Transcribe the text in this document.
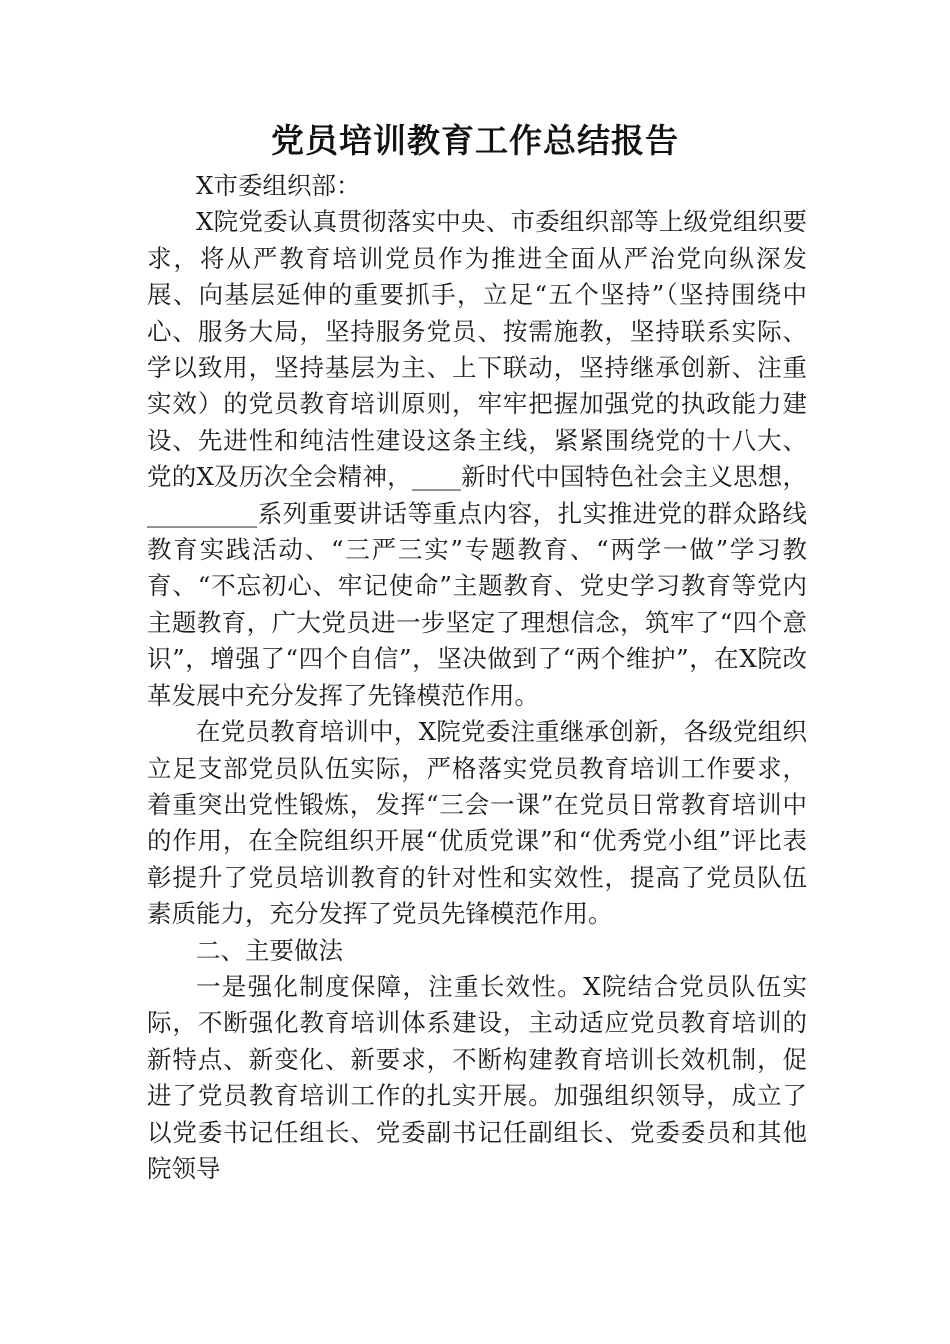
党员培训教育工作总结报告

X市委组织部：

X院党委认真贯彻落实中央、市委组织部等上级党组织要求，将从严教育培训党员作为推进全面从严治党向纵深发展、向基层延伸的重要抓手，立足“五个坚持”（坚持围绕中心、服务大局，坚持服务党员、按需施教，坚持联系实际、学以致用，坚持基层为主、上下联动，坚持继承创新、注重实效）的党员教育培训原则，牢牢把握加强党的执政能力建设、先进性和纯洁性建设这条主线，紧紧围绕党的十八大、党的X及历次全会精神，____新时代中国特色社会主义思想，_________系列重要讲话等重点内容，扎实推进党的群众路线教育实践活动、“三严三实”专题教育、“两学一做”学习教育、“不忘初心、牢记使命”主题教育、党史学习教育等党内主题教育，广大党员进一步坚定了理想信念，筑牢了“四个意识”，增强了“四个自信”，坚决做到了“两个维护”，在X院改革发展中充分发挥了先锋模范作用。

在党员教育培训中，X院党委注重继承创新，各级党组织立足支部党员队伍实际，严格落实党员教育培训工作要求，着重突出党性锻炼，发挥“三会一课”在党员日常教育培训中的作用，在全院组织开展“优质党课”和“优秀党小组”评比表彰提升了党员培训教育的针对性和实效性，提高了党员队伍素质能力，充分发挥了党员先锋模范作用。

二、主要做法

一是强化制度保障，注重长效性。X院结合党员队伍实际，不断强化教育培训体系建设，主动适应党员教育培训的新特点、新变化、新要求，不断构建教育培训长效机制，促进了党员教育培训工作的扎实开展。加强组织领导，成立了以党委书记任组长、党委副书记任副组长、党委委员和其他院领导
